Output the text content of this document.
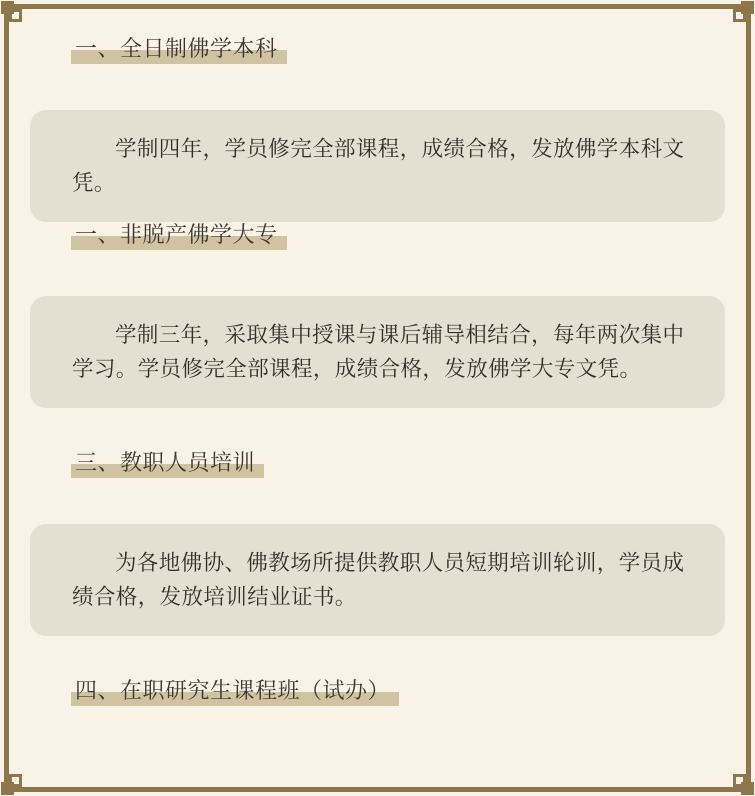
一、全日制佛学本科

学制四年，学员修完全部课程，成绩合格，发放佛学本科文凭。

一、非脱产佛学大专

学制三年，采取集中授课与课后辅导相结合，每年两次集中学习。学员修完全部课程，成绩合格，发放佛学大专文凭。

三、教职人员培训

为各地佛协、佛教场所提供教职人员短期培训轮训，学员成绩合格，发放培训结业证书。

四、在职研究生课程班（试办）
